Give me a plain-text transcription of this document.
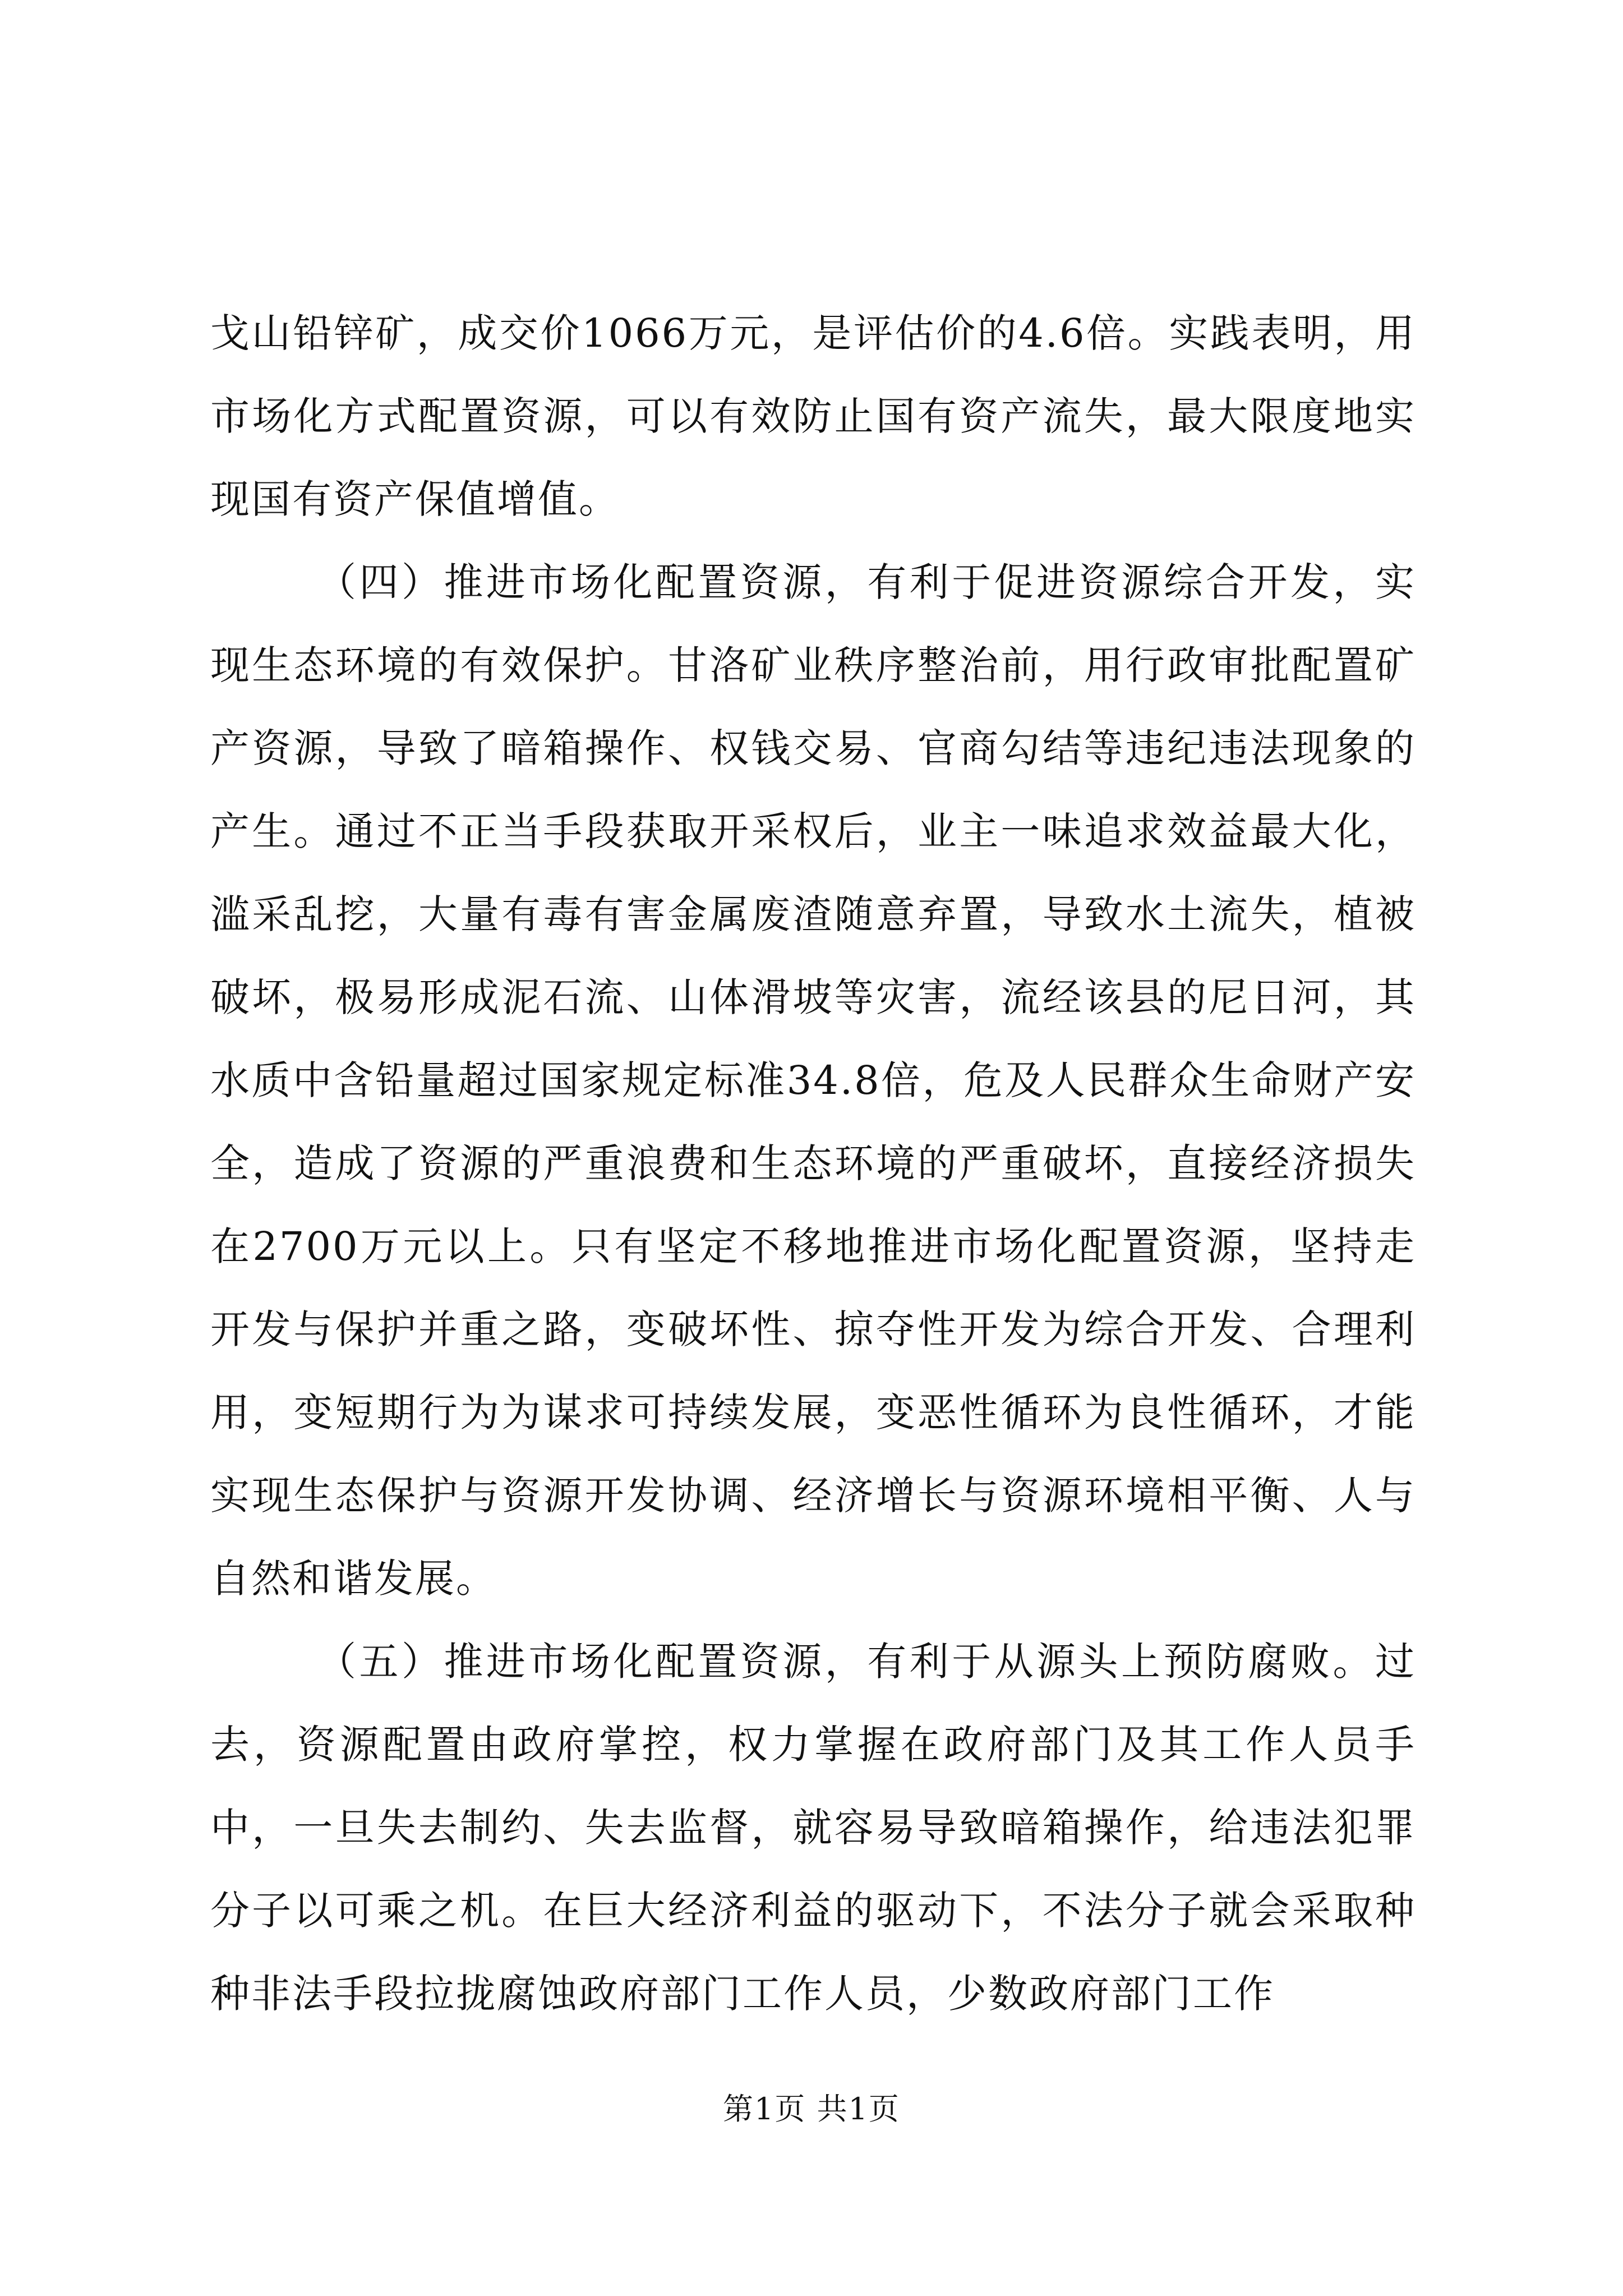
戈山铅锌矿，成交价1066万元，是评估价的4.6倍。实践表明，用市场化方式配置资源，可以有效防止国有资产流失，最大限度地实现国有资产保值增值。

（四）推进市场化配置资源，有利于促进资源综合开发，实现生态环境的有效保护。甘洛矿业秩序整治前，用行政审批配置矿产资源，导致了暗箱操作、权钱交易、官商勾结等违纪违法现象的产生。通过不正当手段获取开采权后，业主一味追求效益最大化，滥采乱挖，大量有毒有害金属废渣随意弃置，导致水土流失，植被破坏，极易形成泥石流、山体滑坡等灾害，流经该县的尼日河，其水质中含铅量超过国家规定标准34.8倍，危及人民群众生命财产安全，造成了资源的严重浪费和生态环境的严重破坏，直接经济损失在2700万元以上。只有坚定不移地推进市场化配置资源，坚持走开发与保护并重之路，变破坏性、掠夺性开发为综合开发、合理利用，变短期行为为谋求可持续发展，变恶性循环为良性循环，才能实现生态保护与资源开发协调、经济增长与资源环境相平衡、人与自然和谐发展。

（五）推进市场化配置资源，有利于从源头上预防腐败。过去，资源配置由政府掌控，权力掌握在政府部门及其工作人员手中，一旦失去制约、失去监督，就容易导致暗箱操作，给违法犯罪分子以可乘之机。在巨大经济利益的驱动下，不法分子就会采取种种非法手段拉拢腐蚀政府部门工作人员，少数政府部门工作

第1页 共1页
